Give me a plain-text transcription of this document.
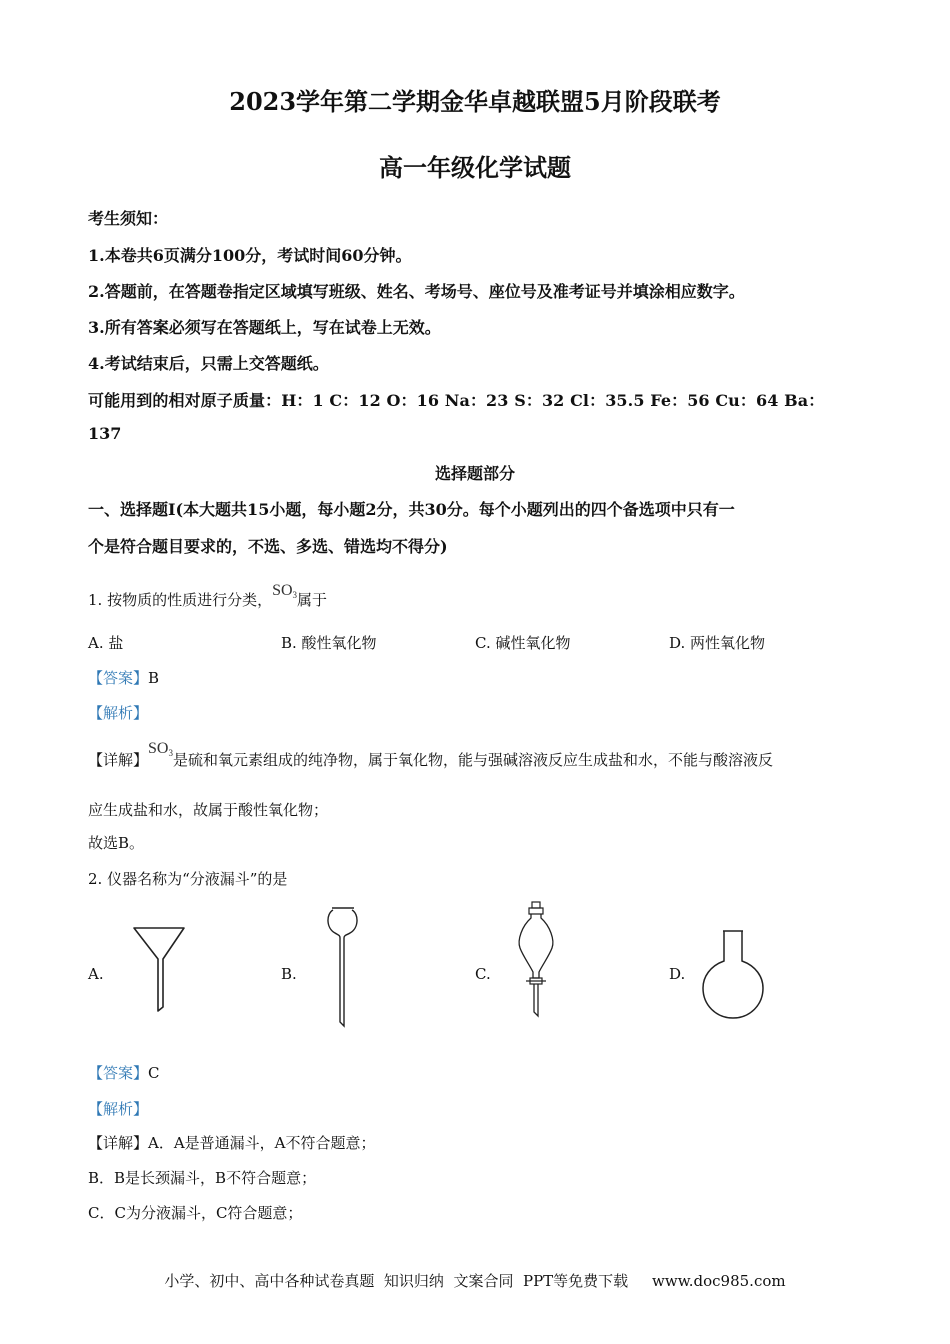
2023学年第二学期金华卓越联盟5月阶段联考
高一年级化学试题
考生须知：
1.本卷共6页满分100分，考试时间60分钟。
2.答题前，在答题卷指定区域填写班级、姓名、考场号、座位号及准考证号并填涂相应数字。
3.所有答案必须写在答题纸上，写在试卷上无效。
4.考试结束后，只需上交答题纸。
可能用到的相对原子质量：H：1 C：12 O：16 Na：23 S：32 Cl：35.5 Fe：56 Cu：64 Ba：
137
选择题部分
一、选择题I(本大题共15小题，每小题2分，共30分。每个小题列出的四个备选项中只有一
个是符合题目要求的，不选、多选、错选均不得分)
1. 按物质的性质进行分类，$SO_3$属于
A. 盐	B. 酸性氧化物	C. 碱性氧化物	D. 两性氧化物
【答案】B
【解析】
【详解】$SO_3$是硫和氧元素组成的纯净物，属于氧化物，能与强碱溶液反应生成盐和水，不能与酸溶液反
应生成盐和水，故属于酸性氧化物；
故选B。
2. 仪器名称为“分液漏斗”的是
A.	B.	C.	D.
【答案】C
【解析】
【详解】A．A是普通漏斗，A不符合题意；
B．B是长颈漏斗，B不符合题意；
C．C为分液漏斗，C符合题意；
小学、初中、高中各种试卷真题  知识归纳  文案合同  PPT等免费下载     www.doc985.com
